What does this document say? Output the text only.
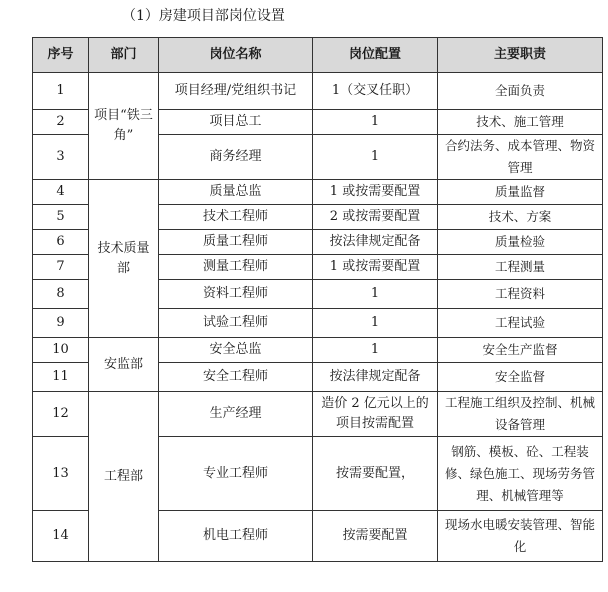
（1）房建项目部岗位设置
序号	部门	岗位名称	岗位配置	主要职责
1	项目“铁三角”	项目经理/党组织书记	1（交叉任职）	全面负责
2		项目总工	1	技术、施工管理
3		商务经理	1	合约法务、成本管理、物资管理
4	技术质量部	质量总监	1 或按需要配置	质量监督
5		技术工程师	2 或按需要配置	技术、方案
6		质量工程师	按法律规定配备	质量检验
7		测量工程师	1 或按需要配置	工程测量
8		资料工程师	1	工程资料
9		试验工程师	1	工程试验
10	安监部	安全总监	1	安全生产监督
11		安全工程师	按法律规定配备	安全监督
12	工程部	生产经理	造价 2 亿元以上的项目按需配置	工程施工组织及控制、机械设备管理
13		专业工程师	按需要配置，	钢筋、模板、砼、工程装修、绿色施工、现场劳务管理、机械管理等
14		机电工程师	按需要配置	现场水电暖安装管理、智能化
